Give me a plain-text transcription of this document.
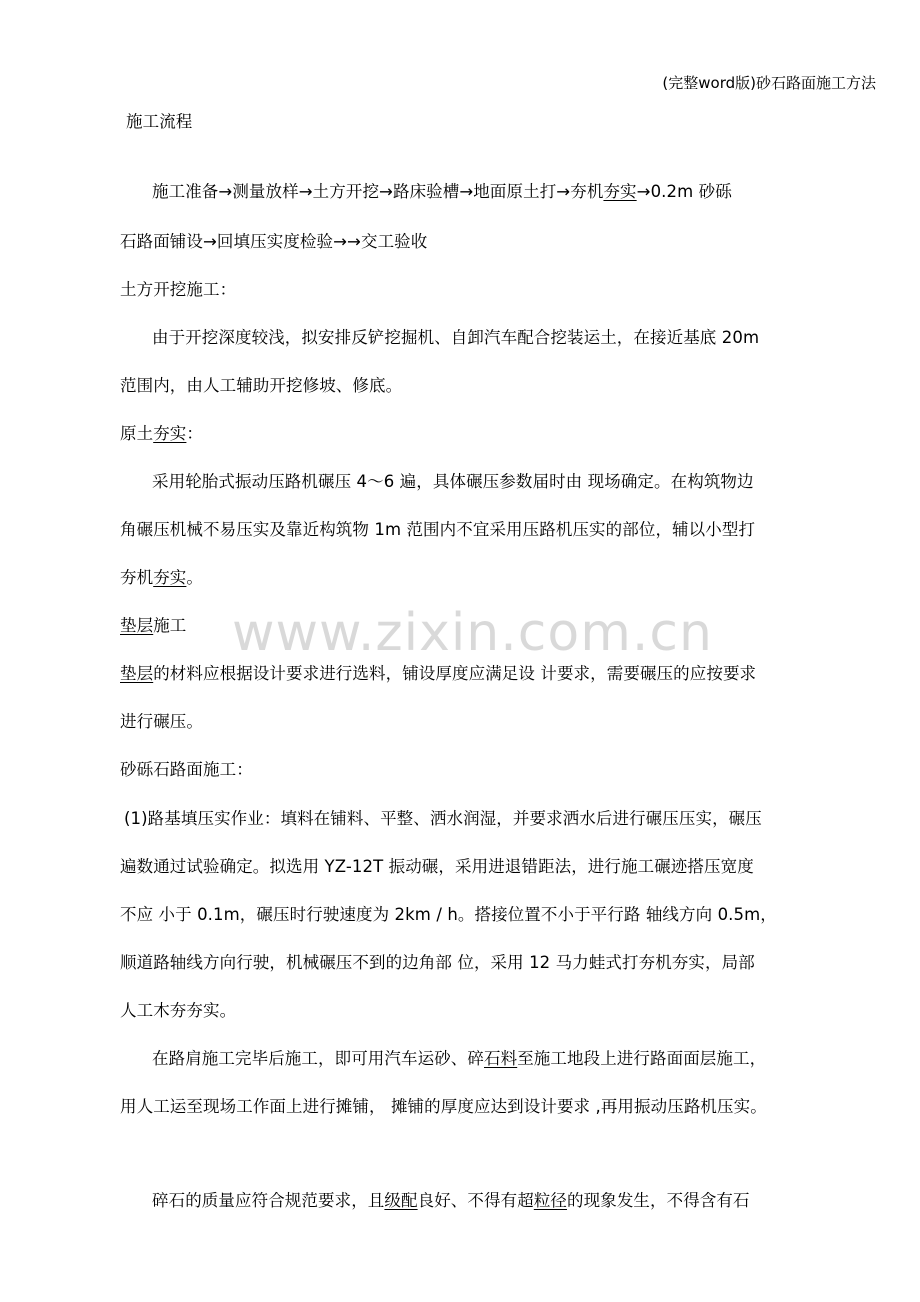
(完整word版)砂石路面施工方法
施工流程
施工准备→测量放样→土方开挖→路床验槽→地面原土打→夯机夯实→0.2m 砂砾
石路面铺设→回填压实度检验→→交工验收
土方开挖施工：
由于开挖深度较浅，拟安排反铲挖掘机、自卸汽车配合挖装运土，在接近基底 20m
范围内，由人工辅助开挖修坡、修底。
原土夯实：
采用轮胎式振动压路机碾压 4～6 遍，具体碾压参数届时由 现场确定。在构筑物边
角碾压机械不易压实及靠近构筑物 1m 范围内不宜采用压路机压实的部位，辅以小型打
夯机夯实。
垫层施工
垫层的材料应根据设计要求进行选料，铺设厚度应满足设 计要求，需要碾压的应按要求
进行碾压。
砂砾石路面施工：
(1)路基填压实作业：填料在铺料、平整、洒水润湿，并要求洒水后进行碾压压实，碾压
遍数通过试验确定。拟选用 YZ-12T 振动碾，采用进退错距法，进行施工碾迹搭压宽度
不应 小于 0.1m，碾压时行驶速度为 2km / h。搭接位置不小于平行路 轴线方向 0.5m，
顺道路轴线方向行驶，机械碾压不到的边角部 位，采用 12 马力蛙式打夯机夯实，局部
人工木夯夯实。
在路肩施工完毕后施工，即可用汽车运砂、碎石料至施工地段上进行路面面层施工，
用人工运至现场工作面上进行摊铺， 摊铺的厚度应达到设计要求 ,再用振动压路机压实。
碎石的质量应符合规范要求，且级配良好、不得有超粒径的现象发生，不得含有石
www.zixin.com.cn
